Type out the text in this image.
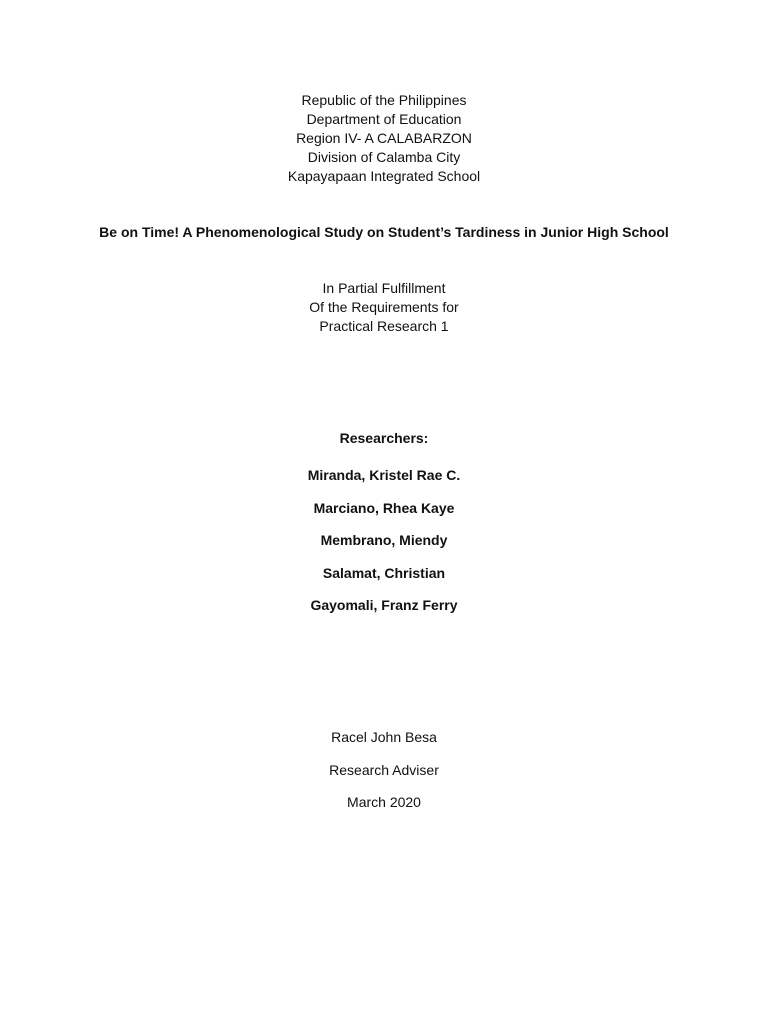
Republic of the Philippines
Department of Education
Region IV- A CALABARZON
Division of Calamba City
Kapayapaan Integrated School
Be on Time! A Phenomenological Study on Student’s Tardiness in Junior High School
In Partial Fulfillment
Of the Requirements for
Practical Research 1
Researchers:
Miranda, Kristel Rae C.
Marciano, Rhea Kaye
Membrano, Miendy
Salamat, Christian
Gayomali, Franz Ferry
Racel John Besa
Research Adviser
March 2020
